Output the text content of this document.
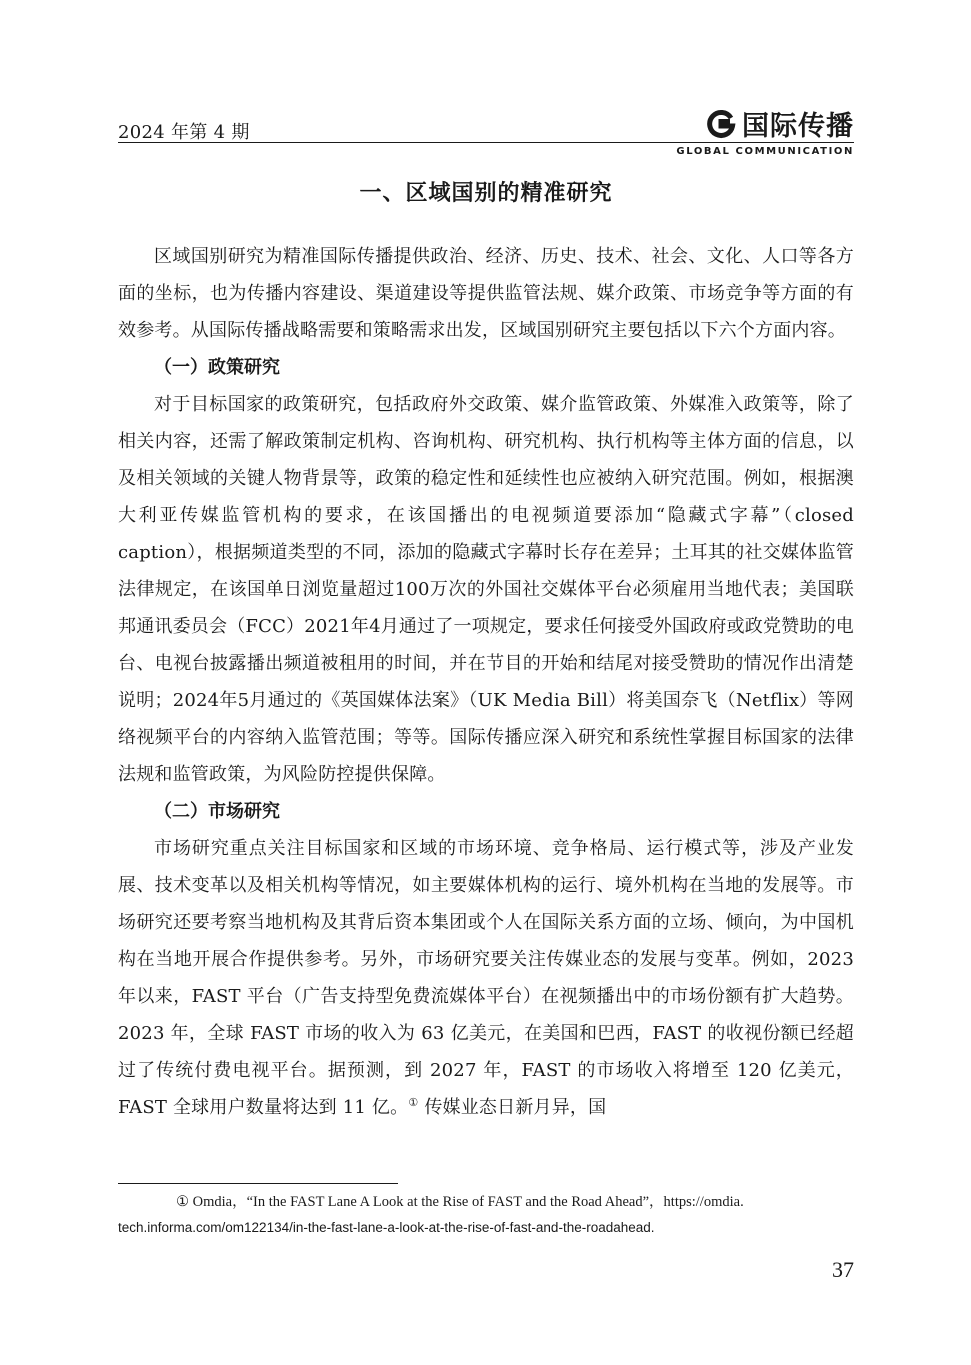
2024 年第 4 期	国际传播
GLOBAL COMMUNICATION
一、区域国别的精准研究

区域国别研究为精准国际传播提供政治、经济、历史、技术、社会、文化、人口等各方面的坐标，也为传播内容建设、渠道建设等提供监管法规、媒介政策、市场竞争等方面的有效参考。从国际传播战略需要和策略需求出发，区域国别研究主要包括以下六个方面内容。

（一）政策研究

对于目标国家的政策研究，包括政府外交政策、媒介监管政策、外媒准入政策等，除了相关内容，还需了解政策制定机构、咨询机构、研究机构、执行机构等主体方面的信息，以及相关领域的关键人物背景等，政策的稳定性和延续性也应被纳入研究范围。例如，根据澳大利亚传媒监管机构的要求，在该国播出的电视频道要添加“隐藏式字幕”（closed caption），根据频道类型的不同，添加的隐藏式字幕时长存在差异；土耳其的社交媒体监管法律规定，在该国单日浏览量超过100万次的外国社交媒体平台必须雇用当地代表；美国联邦通讯委员会（FCC）2021年4月通过了一项规定，要求任何接受外国政府或政党赞助的电台、电视台披露播出频道被租用的时间，并在节目的开始和结尾对接受赞助的情况作出清楚说明；2024年5月通过的《英国媒体法案》（UK Media Bill）将美国奈飞（Netflix）等网络视频平台的内容纳入监管范围；等等。国际传播应深入研究和系统性掌握目标国家的法律法规和监管政策，为风险防控提供保障。

（二）市场研究

市场研究重点关注目标国家和区域的市场环境、竞争格局、运行模式等，涉及产业发展、技术变革以及相关机构等情况，如主要媒体机构的运行、境外机构在当地的发展等。市场研究还要考察当地机构及其背后资本集团或个人在国际关系方面的立场、倾向，为中国机构在当地开展合作提供参考。另外，市场研究要关注传媒业态的发展与变革。例如，2023 年以来，FAST 平台（广告支持型免费流媒体平台）在视频播出中的市场份额有扩大趋势。2023 年，全球 FAST 市场的收入为 63 亿美元，在美国和巴西，FAST 的收视份额已经超过了传统付费电视平台。据预测，到 2027 年，FAST 的市场收入将增至 120 亿美元，FAST 全球用户数量将达到 11 亿。① 传媒业态日新月异，国

① Omdia，“In the FAST Lane A Look at the Rise of FAST and the Road Ahead”，https://omdia.
tech.informa.com/om122134/in-the-fast-lane-a-look-at-the-rise-of-fast-and-the-roadahead.
37
